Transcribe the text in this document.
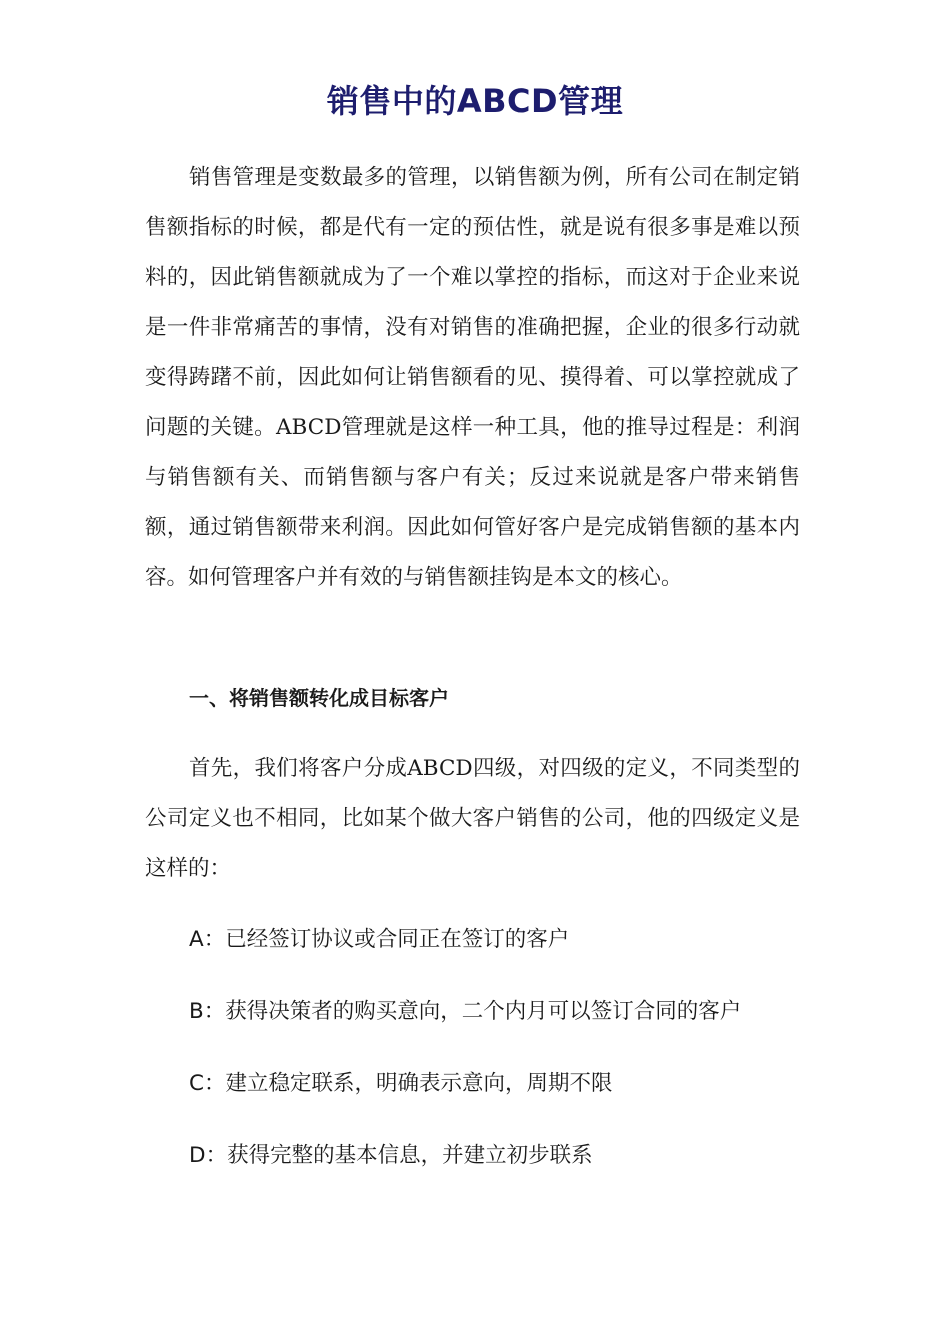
销售中的ABCD管理

销售管理是变数最多的管理，以销售额为例，所有公司在制定销售额指标的时候，都是代有一定的预估性，就是说有很多事是难以预料的，因此销售额就成为了一个难以掌控的指标，而这对于企业来说是一件非常痛苦的事情，没有对销售的准确把握，企业的很多行动就变得踌躇不前，因此如何让销售额看的见、摸得着、可以掌控就成了问题的关键。ABCD管理就是这样一种工具，他的推导过程是：利润与销售额有关、而销售额与客户有关；反过来说就是客户带来销售额，通过销售额带来利润。因此如何管好客户是完成销售额的基本内容。如何管理客户并有效的与销售额挂钩是本文的核心。

一、将销售额转化成目标客户

首先，我们将客户分成ABCD四级，对四级的定义，不同类型的公司定义也不相同，比如某个做大客户销售的公司，他的四级定义是这样的：

A：已经签订协议或合同正在签订的客户
B：获得决策者的购买意向，二个内月可以签订合同的客户
C：建立稳定联系，明确表示意向，周期不限
D：获得完整的基本信息，并建立初步联系
